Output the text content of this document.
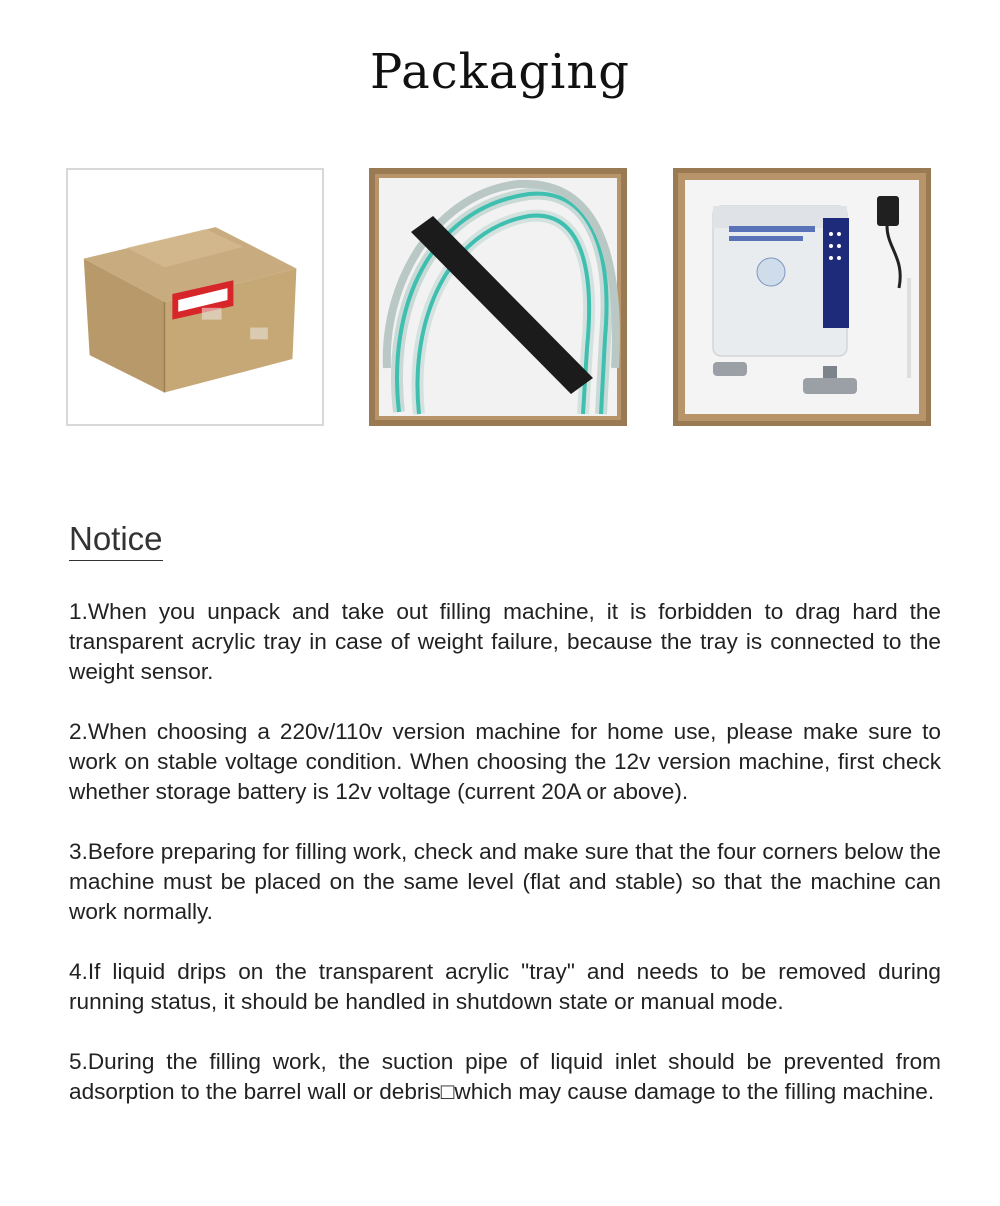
Packaging
Notice

1.When you unpack and take out filling machine, it is forbidden to drag hard the transparent acrylic tray in case of weight failure, because the tray is connected to the weight sensor.

2.When choosing a 220v/110v version machine for home use, please make sure to work on stable voltage condition. When choosing the 12v version machine, first check whether storage battery is 12v voltage (current 20A or above).

3.Before preparing for filling work, check and make sure that the four corners below the machine must be placed on the same level (flat and stable) so that the machine can work normally.

4.If liquid drips on the transparent acrylic "tray" and needs to be removed during running status, it should be handled in shutdown state or manual mode.

5.During the filling work, the suction pipe of liquid inlet should be prevented from adsorption to the barrel wall or debris□which may cause damage to the filling machine.
